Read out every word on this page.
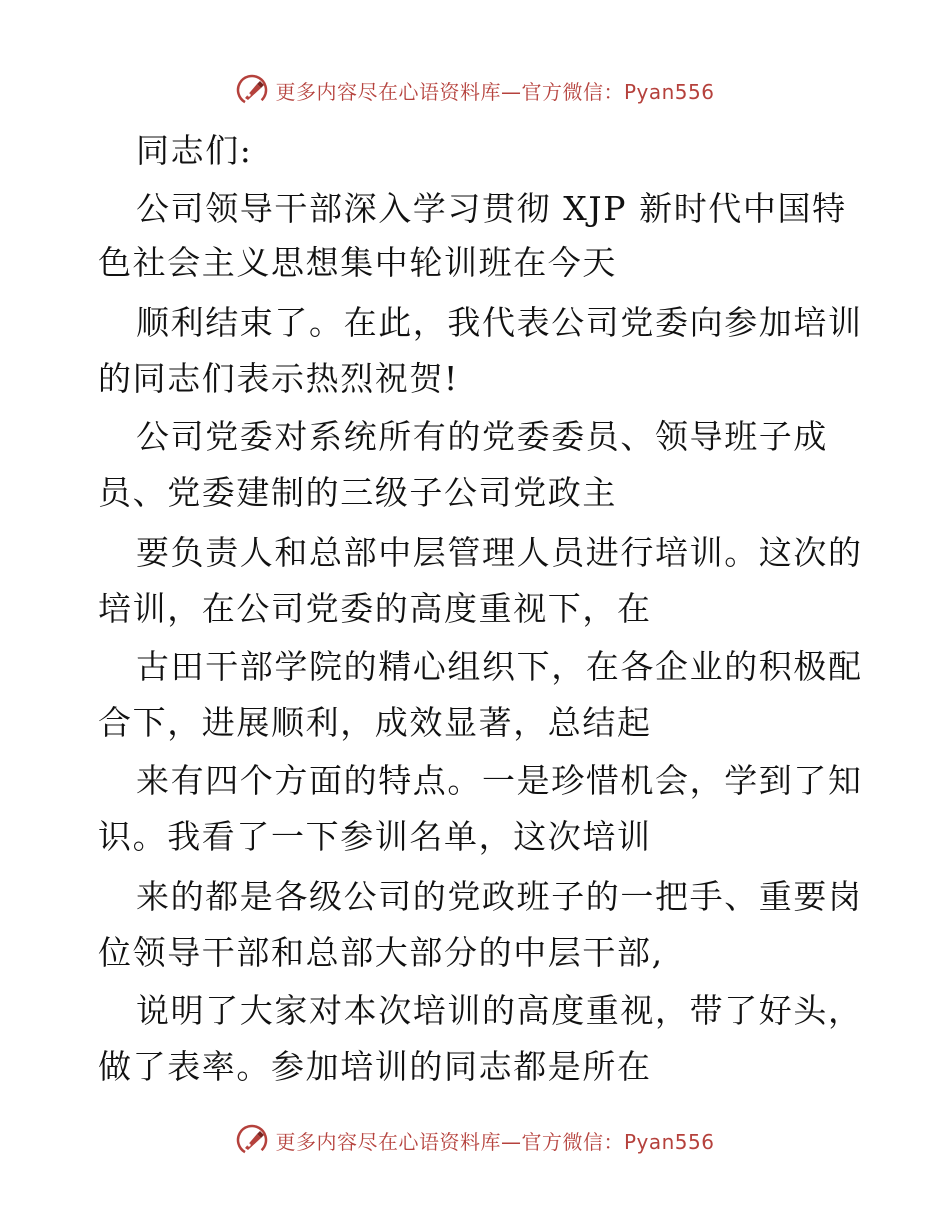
更多内容尽在心语资料库—官方微信：Pyan556
同志们:
公司领导干部深入学习贯彻 XJP 新时代中国特
色社会主义思想集中轮训班在今天
顺利结束了。在此，我代表公司党委向参加培训
的同志们表示热烈祝贺!
公司党委对系统所有的党委委员、领导班子成
员、党委建制的三级子公司党政主
要负责人和总部中层管理人员进行培训。这次的
培训，在公司党委的高度重视下，在
古田干部学院的精心组织下，在各企业的积极配
合下，进展顺利，成效显著，总结起
来有四个方面的特点。一是珍惜机会，学到了知
识。我看了一下参训名单，这次培训
来的都是各级公司的党政班子的一把手、重要岗
位领导干部和总部大部分的中层干部,
说明了大家对本次培训的高度重视，带了好头，
做了表率。参加培训的同志都是所在
更多内容尽在心语资料库—官方微信：Pyan556
